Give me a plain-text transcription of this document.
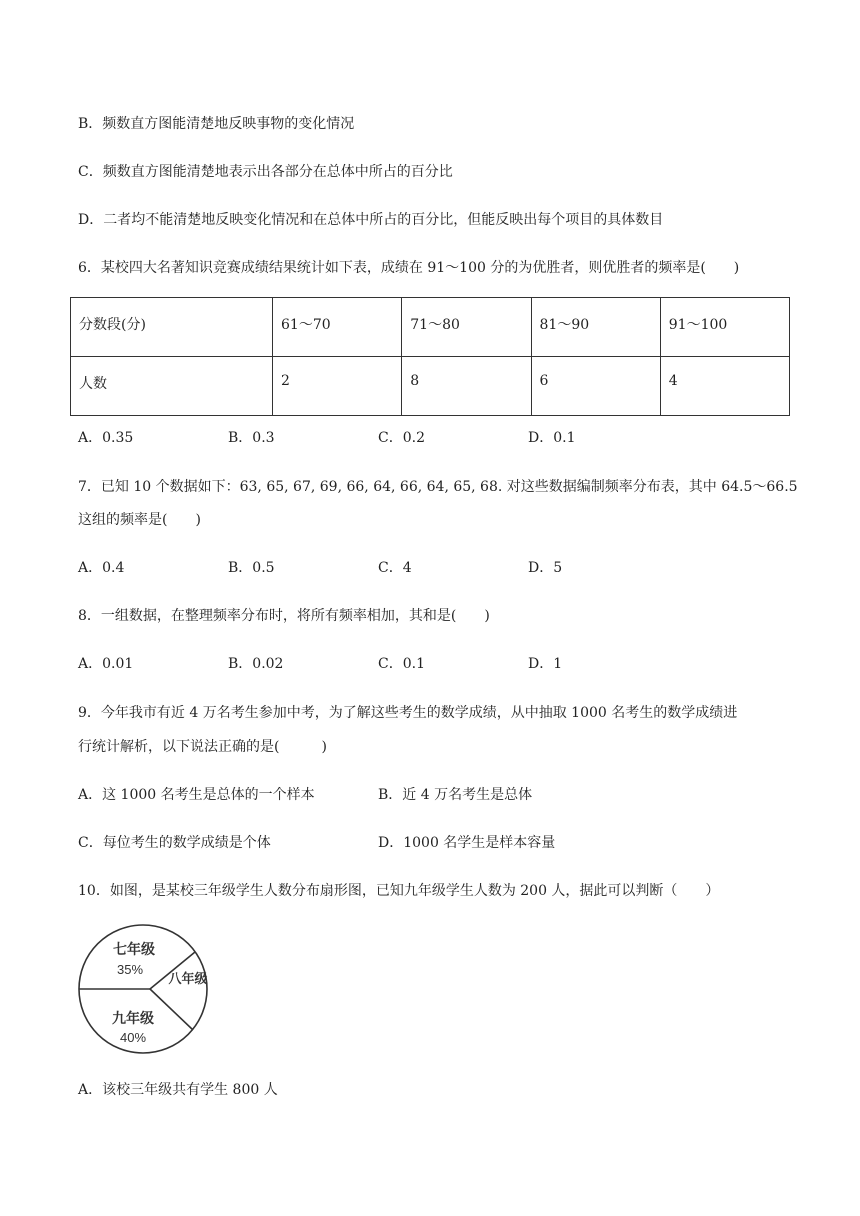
B．频数直方图能清楚地反映事物的变化情况
C．频数直方图能清楚地表示出各部分在总体中所占的百分比
D．二者均不能清楚地反映变化情况和在总体中所占的百分比，但能反映出每个项目的具体数目
6．某校四大名著知识竞赛成绩结果统计如下表，成绩在 91～100 分的为优胜者，则优胜者的频率是(　　)
分数段(分)	61～70	71～80	81～90	91～100
人数	2	8	6	4
A．0.35	B．0.3	C．0.2	D．0.1
7．已知 10 个数据如下：63, 65, 67, 69, 66, 64, 66, 64, 65, 68. 对这些数据编制频率分布表，其中 64.5～66.5
这组的频率是(　　)
A．0.4	B．0.5	C．4	D．5
8．一组数据，在整理频率分布时，将所有频率相加，其和是(　　)
A．0.01	B．0.02	C．0.1	D．1
9．今年我市有近 4 万名考生参加中考，为了解这些考生的数学成绩，从中抽取 1000 名考生的数学成绩进
行统计解析，以下说法正确的是(　　　)
A．这 1000 名考生是总体的一个样本	B．近 4 万名考生是总体
C．每位考生的数学成绩是个体	D．1000 名学生是样本容量
10．如图，是某校三年级学生人数分布扇形图，已知九年级学生人数为 200 人，据此可以判断（　　）
七年级
35%
八年级
九年级
40%
A．该校三年级共有学生 800 人
